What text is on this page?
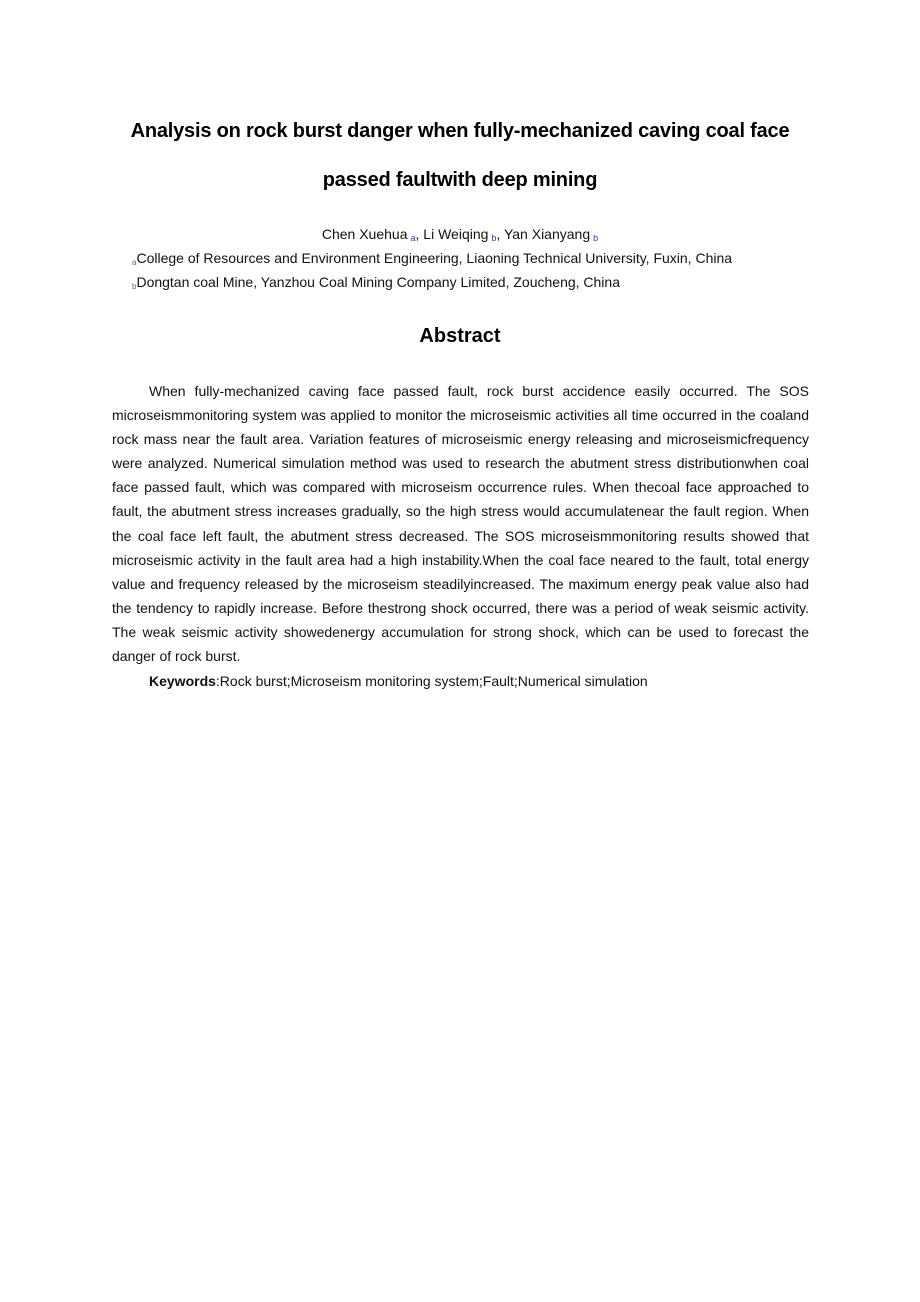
Analysis on rock burst danger when fully-mechanized caving coal face
passed faultwith deep mining
Chen Xuehua $_a$, Li Weiqing $_b$, Yan Xianyang $_b$
aCollege of Resources and Environment Engineering, Liaoning Technical University, Fuxin, China
bDongtan coal Mine, Yanzhou Coal Mining Company Limited, Zoucheng, China
Abstract

When fully-mechanized caving face passed fault, rock burst accidence easily occurred. The SOS microseismmonitoring system was applied to monitor the microseismic activities all time occurred in the coaland rock mass near the fault area. Variation features of microseismic energy releasing and microseismicfrequency were analyzed. Numerical simulation method was used to research the abutment stress distributionwhen coal face passed fault, which was compared with microseism occurrence rules. When thecoal face approached to fault, the abutment stress increases gradually, so the high stress would accumulatenear the fault region. When the coal face left fault, the abutment stress decreased. The SOS microseismmonitoring results showed that microseismic activity in the fault area had a high instability.When the coal face neared to the fault, total energy value and frequency released by the microseism steadilyincreased. The maximum energy peak value also had the tendency to rapidly increase. Before thestrong shock occurred, there was a period of weak seismic activity. The weak seismic activity showedenergy accumulation for strong shock, which can be used to forecast the danger of rock burst.

Keywords:Rock burst;Microseism monitoring system;Fault;Numerical simulation
